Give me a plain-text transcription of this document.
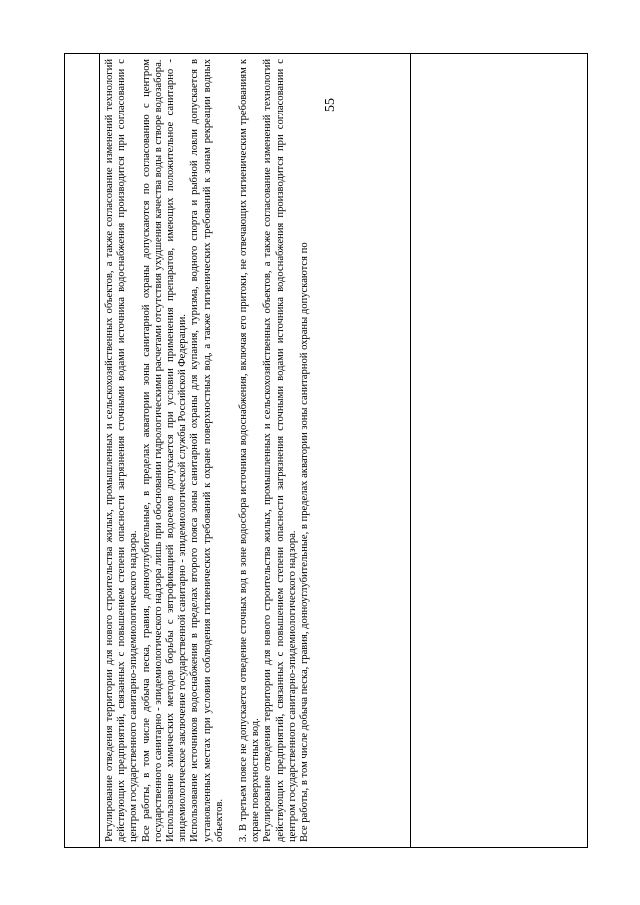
55

Регулирование отведения территории для нового строительства жилых, промышленных и сельскохозяйственных объектов, а также согласование изменений технологий действующих предприятий, связанных с повышением степени опасности загрязнения сточными водами источника водоснабжения производится при согласовании с центром государственного санитарно-эпидемиологического надзора. Все работы, в том числе добыча песка, гравия, донноуглубительные, в пределах акватории зоны санитарной охраны допускаются по согласованию с центром государственного санитарно - эпидемиологического надзора лишь при обосновании гидрологическими расчетами отсутствия ухудшения качества воды в створе водозабора. Использование химических методов борьбы с эвтрофикацией водоемов допускается при условии применения препаратов, имеющих положительное санитарно - эпидемиологическое заключение государственной санитарно - эпидемиологической службы Российской Федерации. Использование источников водоснабжения в пределах второго пояса зоны санитарной охраны для купания, туризма, водного спорта и рыбной ловли допускается в установленных местах при условии соблюдения гигиенических требований к охране поверхностных вод, а также гигиенических требований к зонам рекреации водных объектов. 3. В третьем поясе не допускается отведение сточных вод в зоне водосбора источника водоснабжения, включая его притоки, не отвечающих гигиеническим требованиям к охране поверхностных вод. Регулирование отведения территории для нового строительства жилых, промышленных и сельскохозяйственных объектов, а также согласование изменений технологий действующих предприятий, связанных с повышением степени опасности загрязнения сточными водами источника водоснабжения производится при согласовании с центром государственного санитарно-эпидемиологического надзора. Все работы, в том числе добыча песка, гравия, донноуглубительные, в пределах акватории зоны санитарной охраны допускаются по
